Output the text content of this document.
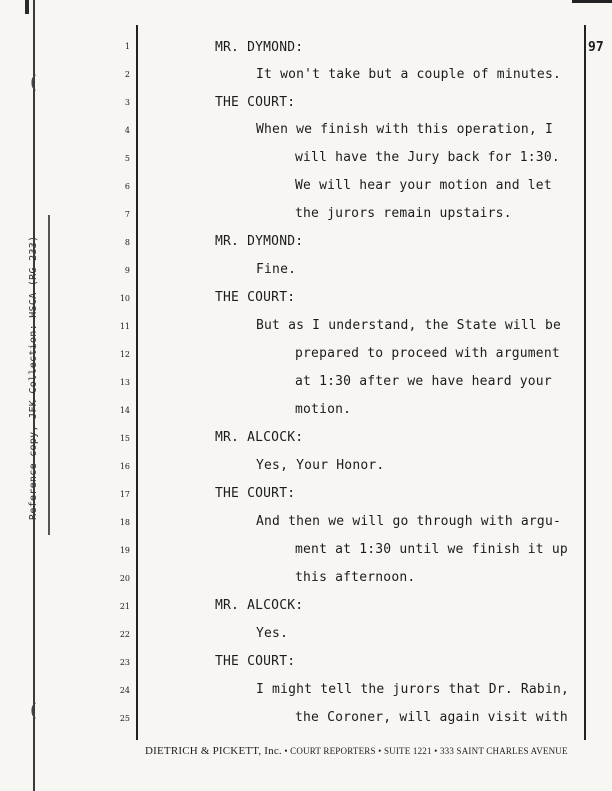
(
(
Reference copy, JFK Collection: HSCA (RG 233)
97
1	MR. DYMOND:
2	It won't take but a couple of minutes.
3	THE COURT:
4	When we finish with this operation, I
5	will have the Jury back for 1:30.
6	We will hear your motion and let
7	the jurors remain upstairs.
8	MR. DYMOND:
9	Fine.
10	THE COURT:
11	But as I understand, the State will be
12	prepared to proceed with argument
13	at 1:30 after we have heard your
14	motion.
15	MR. ALCOCK:
16	Yes, Your Honor.
17	THE COURT:
18	And then we will go through with argu-
19	ment at 1:30 until we finish it up
20	this afternoon.
21	MR. ALCOCK:
22	Yes.
23	THE COURT:
24	I might tell the jurors that Dr. Rabin,
25	the Coroner, will again visit with
DIETRICH & PICKETT, Inc. • COURT REPORTERS • SUITE 1221 • 333 SAINT CHARLES AVENUE
